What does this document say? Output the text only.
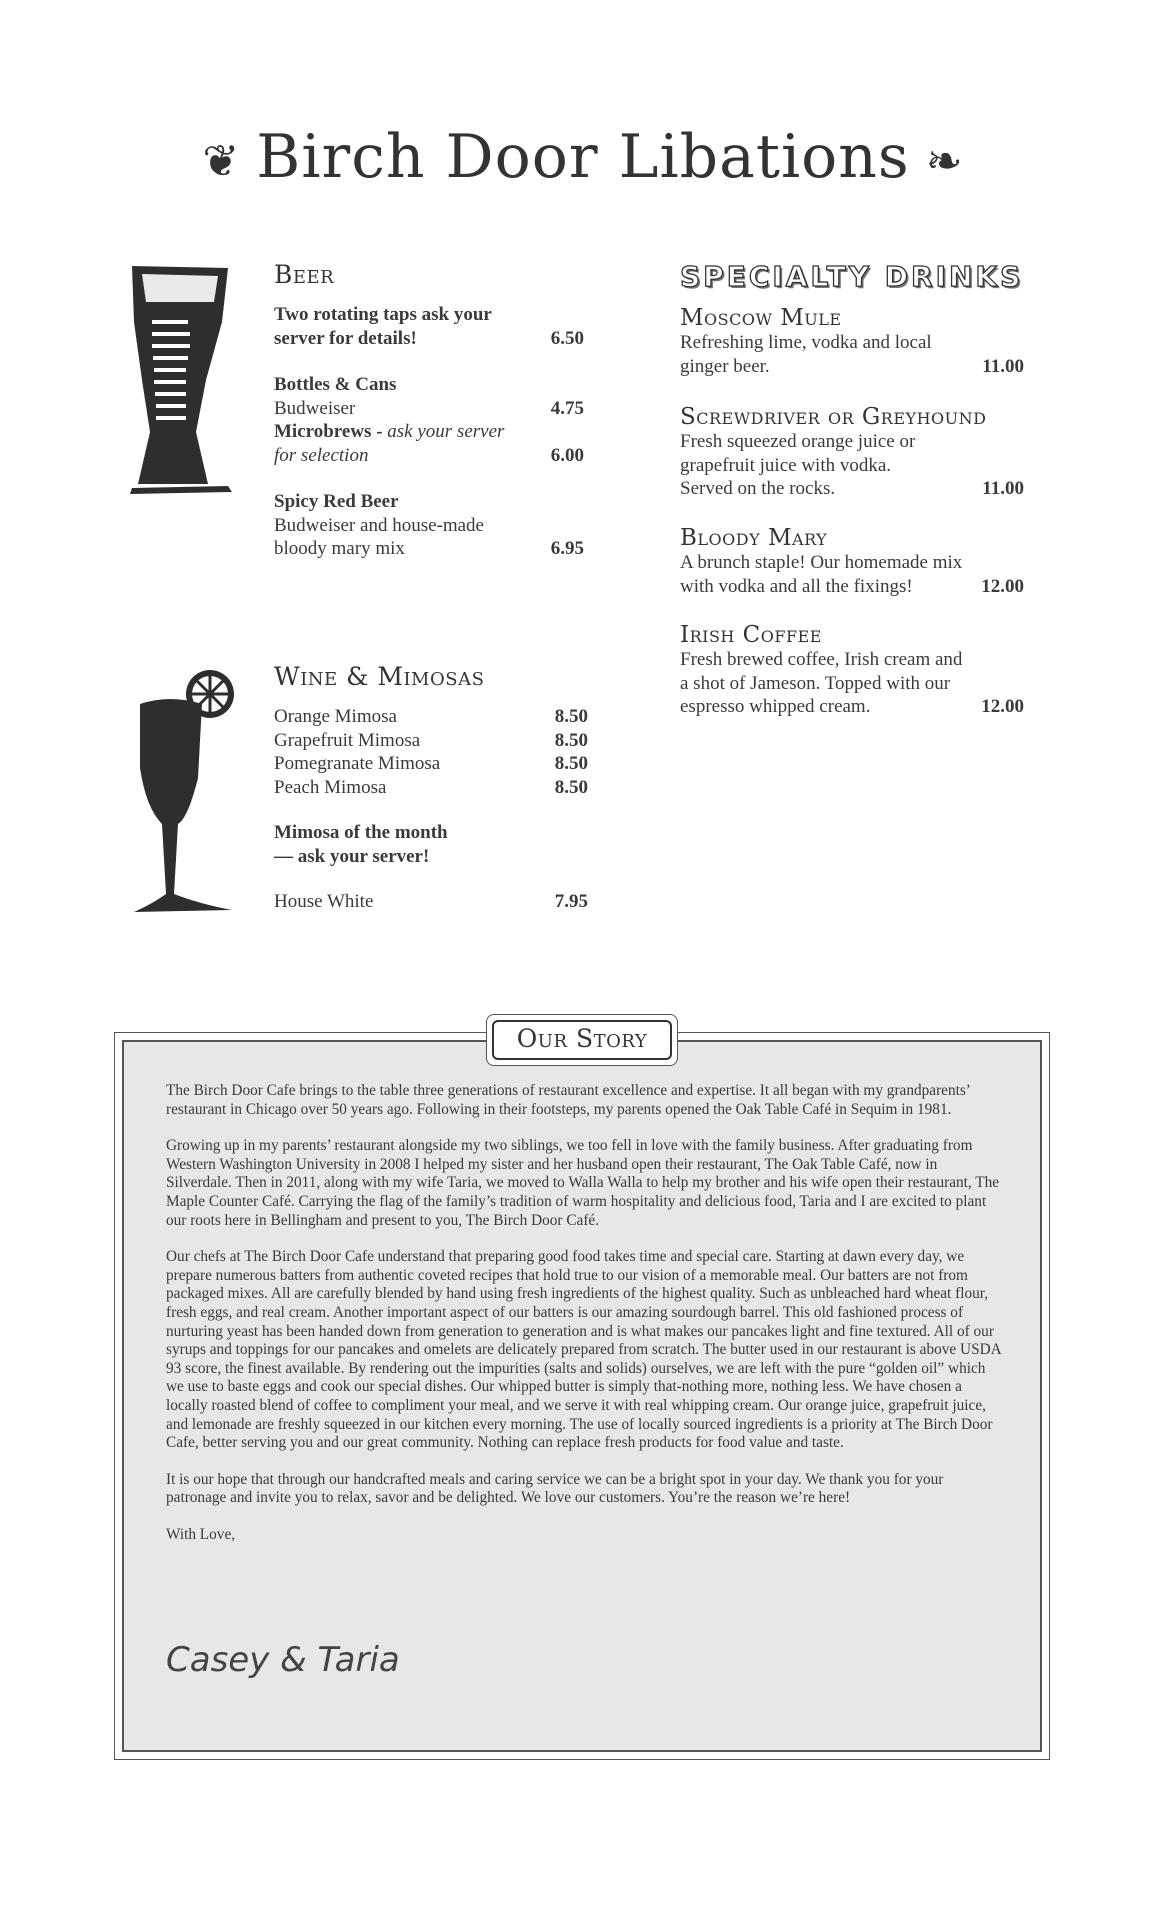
❦ Birch Door Libations ❧
Beer
Two rotating taps ask your
server for details!	6.50
Bottles & Cans
Budweiser	4.75
Microbrews - ask your server
for selection	6.00
Spicy Red Beer
Budweiser and house-made
bloody mary mix	6.95
Wine & Mimosas
Orange Mimosa	8.50
Grapefruit Mimosa	8.50
Pomegranate Mimosa	8.50
Peach Mimosa	8.50
Mimosa of the month
— ask your server!
House White	7.95
SPECIALTY DRINKS
Moscow Mule
Refreshing lime, vodka and local
ginger beer.	11.00
Screwdriver or Greyhound
Fresh squeezed orange juice or
grapefruit juice with vodka.
Served on the rocks.	11.00
Bloody Mary
A brunch staple! Our homemade mix
with vodka and all the fixings!	12.00
Irish Coffee
Fresh brewed coffee, Irish cream and
a shot of Jameson. Topped with our
espresso whipped cream.	12.00
Our Story

The Birch Door Cafe brings to the table three generations of restaurant excellence and expertise. It all began with my grandparents’ restaurant in Chicago over 50 years ago. Following in their footsteps, my parents opened the Oak Table Café in Sequim in 1981.

Growing up in my parents’ restaurant alongside my two siblings, we too fell in love with the family business. After graduating from Western Washington University in 2008 I helped my sister and her husband open their restaurant, The Oak Table Café, now in Silverdale. Then in 2011, along with my wife Taria, we moved to Walla Walla to help my brother and his wife open their restaurant, The Maple Counter Café. Carrying the flag of the family’s tradition of warm hospitality and delicious food, Taria and I are excited to plant our roots here in Bellingham and present to you, The Birch Door Café.

Our chefs at The Birch Door Cafe understand that preparing good food takes time and special care. Starting at dawn every day, we prepare numerous batters from authentic coveted recipes that hold true to our vision of a memorable meal. Our batters are not from packaged mixes. All are carefully blended by hand using fresh ingredients of the highest quality. Such as unbleached hard wheat flour, fresh eggs, and real cream. Another important aspect of our batters is our amazing sourdough barrel. This old fashioned process of nurturing yeast has been handed down from generation to generation and is what makes our pancakes light and fine textured. All of our syrups and toppings for our pancakes and omelets are delicately prepared from scratch. The butter used in our restaurant is above USDA 93 score, the finest available. By rendering out the impurities (salts and solids) ourselves, we are left with the pure “golden oil” which we use to baste eggs and cook our special dishes. Our whipped butter is simply that-nothing more, nothing less. We have chosen a locally roasted blend of coffee to compliment your meal, and we serve it with real whipping cream. Our orange juice, grapefruit juice, and lemonade are freshly squeezed in our kitchen every morning. The use of locally sourced ingredients is a priority at The Birch Door Cafe, better serving you and our great community. Nothing can replace fresh products for food value and taste.

It is our hope that through our handcrafted meals and caring service we can be a bright spot in your day. We thank you for your patronage and invite you to relax, savor and be delighted. We love our customers. You’re the reason we’re here!

With Love,

Casey & Taria
